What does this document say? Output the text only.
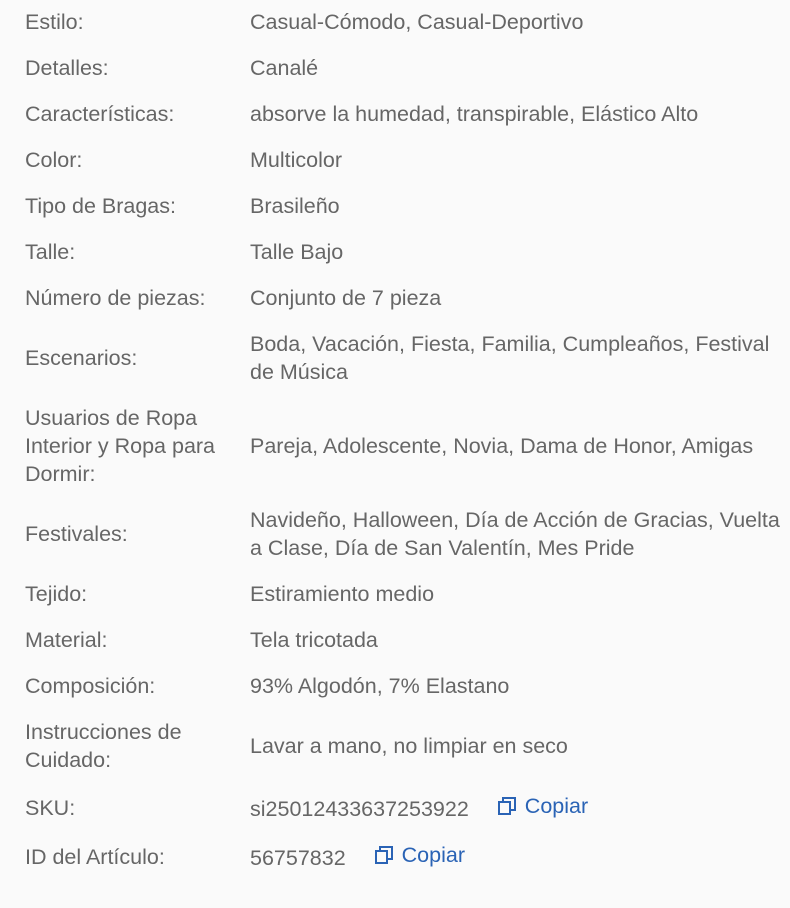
Estilo:	Casual-Cómodo, Casual-Deportivo
Detalles:	Canalé
Características:	absorve la humedad, transpirable, Elástico Alto
Color:	Multicolor
Tipo de Bragas:	Brasileño
Talle:	Talle Bajo
Número de piezas:	Conjunto de 7 pieza
Escenarios:
Boda, Vacación, Fiesta, Familia, Cumpleaños, Festival de Música
Usuarios de Ropa Interior y Ropa para Dormir:
Pareja, Adolescente, Novia, Dama de Honor, Amigas
Festivales:
Navideño, Halloween, Día de Acción de Gracias, Vuelta a Clase, Día de San Valentín, Mes Pride
Tejido:	Estiramiento medio
Material:	Tela tricotada
Composición:	93% Algodón, 7% Elastano
Instrucciones de Cuidado:
Lavar a mano, no limpiar en seco
SKU:	si25012433637253922	Copiar
ID del Artículo:	56757832	Copiar
